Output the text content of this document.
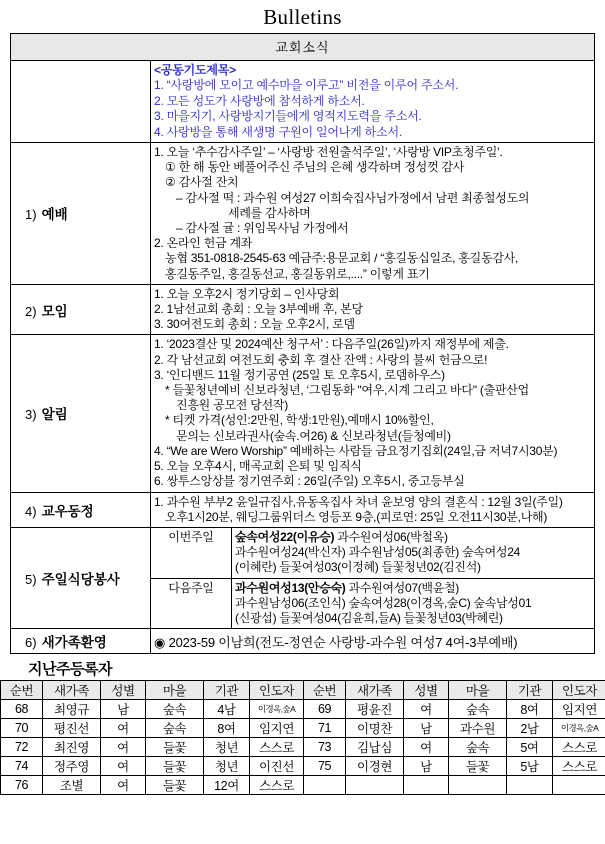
Bulletins
교회소식

<공동기도제목>
1. “사랑방에 모이고 예수마을 이루고” 비전을 이루어 주소서.
2. 모든 성도가 사랑방에 참석하게 하소서.
3. 마을지기, 사랑방지기들에게 영적지도력을 주소서.
4. 사랑방을 통해 새생명 구원이 일어나게 하소서.

1) 예배	
1. 오늘 ‘추수감사주일’ – ‘사랑방 전원출석주일’, ‘사랑방 VIP초청주일’.
① 한 해 동안 베풀어주신 주님의 은혜 생각하며 정성껏 감사
② 감사절 잔치
– 감사절 떡 : 과수원 여성27 이희숙집사님가정에서 남편 최종철성도의
세례를 감사하며
– 감사절 귤 : 위임목사님 가정에서
2. 온라인 헌금 계좌
농협 351-0818-2545-63 예금주:용문교회 / “홍길동십일조, 홍길동감사,
홍길동주일, 홍길동선교, 홍길동위로,....” 이렇게 표기

2) 모임	
1. 오늘 오후2시 정기당회 – 인사당회
2. 1남선교회 총회 : 오늘 3부예배 후, 본당
3. 30여전도회 총회 : 오늘 오후2시, 로뎀

3) 알림	
1. ‘2023결산 및 2024예산 청구서’ : 다음주일(26일)까지 재정부에 제출.
2. 각 남선교회 여전도회 충회 후 결산 잔액 : 사랑의 불씨 헌금으로!
3. ‘인디밴드 11월 정기공연 (25일 토 오후5시, 로뎀하우스)
* 들꽃청년예비 신보라청년, ‘그림동화 "여우,시계 그리고 바다" (출판산업
진흥원 공모전 당선작)
* 티켓 가격(성인:2만원, 학생:1만원),예매시 10%할인,
문의는 신보라권사(숲속.여26) & 신보라청년(들청예비)
4. “We are Wero Worship” 예배하는 사람들 금요정기집회(24일,금 저녁7시30분)
5. 오늘 오후4시, 매곡교회 은퇴 및 임직식
6. 쌍투스앙상블 정기연주회 : 26일(주일) 오후5시, 중고등부실

4) 교우동정	
1. 과수원 부부2 윤일규집사,유동옥집사 차녀 윤보영 양의 결혼식 : 12월 3일(주일)
오후1시20분, 웨딩그룹위더스 영등포 9층,(피로연: 25일 오전11시30분,나해)

5) 주일식당봉사	
이번주일	숲속여성22(이유승) 과수원여성06(박철옥)
과수원여성24(박신자) 과수원남성05(최종한) 숲속여성24
(이혜란) 들꽃여성03(이정혜) 들꽃청년02(김진석)

다음주일	과수원여성13(안승숙) 과수원여성07(백윤철)
과수원남성06(조인식) 숲속여성28(이경옥,숲C) 숲속남성01
(신광섭) 들꽃여성04(김윤희,들A) 들꽃청년03(박혜린)

6) 새가족환영	◉ 2023-59 이남희(전도-정연순 사랑방-과수원 여성7 4여-3부예배)
지난주등록자
순번	새가족	성별	마을	기관	인도자	순번	새가족	성별	마을	기관	인도자
68	최영규	남	숲속	4남	이경옥,숲A	69	평윤진	여	숲속	8여	임지연
70	평진선	여	숲속	8여	임지연	71	이명찬	남	과수원	2남	이경옥,숲A
72	최진영	여	들꽃	청년	스스로	73	김납심	여	숲속	5여	스스로
74	정주영	여	들꽃	청년	이진선	75	이경현	남	들꽃	5남	스스로
76	조별	여	들꽃	12여	스스로						
